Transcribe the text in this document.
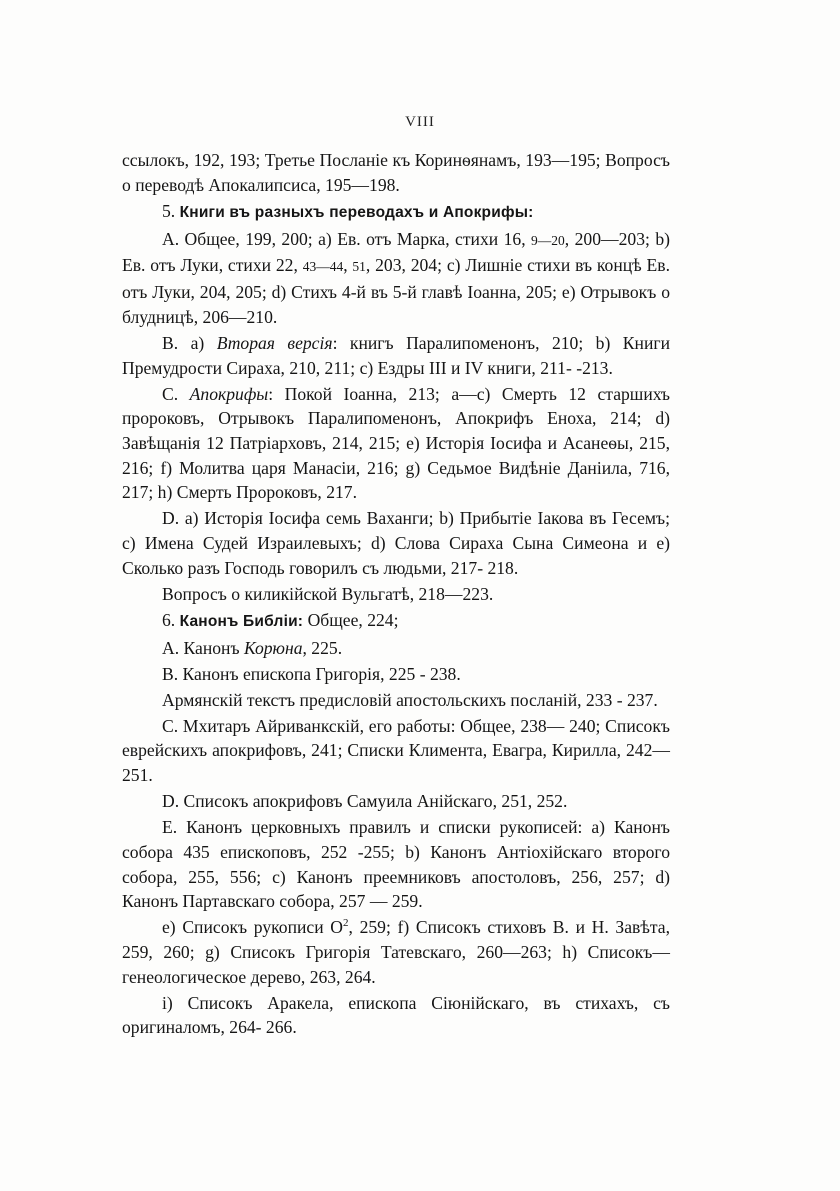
VIII

ссылокъ, 192, 193; Третье Посланіе къ Коринѳянамъ, 193—195; Вопросъ о переводѣ Апокалипсиса, 195—198.

5. Книги въ разныхъ переводахъ и Апокрифы:

A. Общее, 199, 200; a) Ев. отъ Марка, стихи 16, 9—20, 200—203; b) Ев. отъ Луки, стихи 22, 43—44, 51, 203, 204; c) Лишніе стихи въ концѣ Ев. отъ Луки, 204, 205; d) Стихъ 4-й въ 5-й главѣ Іоанна, 205; e) Отрывокъ о блудницѣ, 206—210.

B. a) Вторая версія: книгъ Паралипоменонъ, 210; b) Книги Премудрости Сираха, 210, 211; c) Ездры III и IV книги, 211- -213.

C. Апокрифы: Покой Іоанна, 213; a—c) Смерть 12 старшихъ пророковъ, Отрывокъ Паралипоменонъ, Апокрифъ Еноха, 214; d) Завѣщанія 12 Патріарховъ, 214, 215; e) Исторія Іосифа и Асанеѳы, 215, 216; f) Молитва царя Манасіи, 216; g) Седьмое Видѣніе Даніила, 716, 217; h) Смерть Пророковъ, 217.

D. a) Исторія Іосифа семь Ваханги; b) Прибытіе Іакова въ Гесемъ; c) Имена Судей Израилевыхъ; d) Слова Сираха Сына Симеона и e) Сколько разъ Господь говорилъ съ людьми, 217- 218.

Вопросъ о киликійской Вульгатѣ, 218—223.

6. Канонъ Библіи: Общее, 224;

A. Канонъ Корюна, 225.

B. Канонъ епископа Григорія, 225 - 238.

Армянскій текстъ предисловій апостольскихъ посланій, 233 - 237.

C. Мхитаръ Айриванкскій, его работы: Общее, 238— 240; Списокъ еврейскихъ апокрифовъ, 241; Списки Климента, Евагра, Кирилла, 242—251.

D. Списокъ апокрифовъ Самуила Анійскаго, 251, 252.

E. Канонъ церковныхъ правилъ и списки рукописей: a) Канонъ собора 435 епископовъ, 252 -255; b) Канонъ Антіохійскаго второго собора, 255, 556; c) Канонъ преемниковъ апостоловъ, 256, 257; d) Канонъ Партавскаго собора, 257 — 259.

e) Списокъ рукописи $O^2$, 259; f) Списокъ стиховъ В. и Н. Завѣта, 259, 260; g) Списокъ Григорія Татевскаго, 260—263; h) Списокъ—генеологическое дерево, 263, 264.

i) Списокъ Аракела, епископа Сіюнійскаго, въ стихахъ, съ оригиналомъ, 264- 266.
